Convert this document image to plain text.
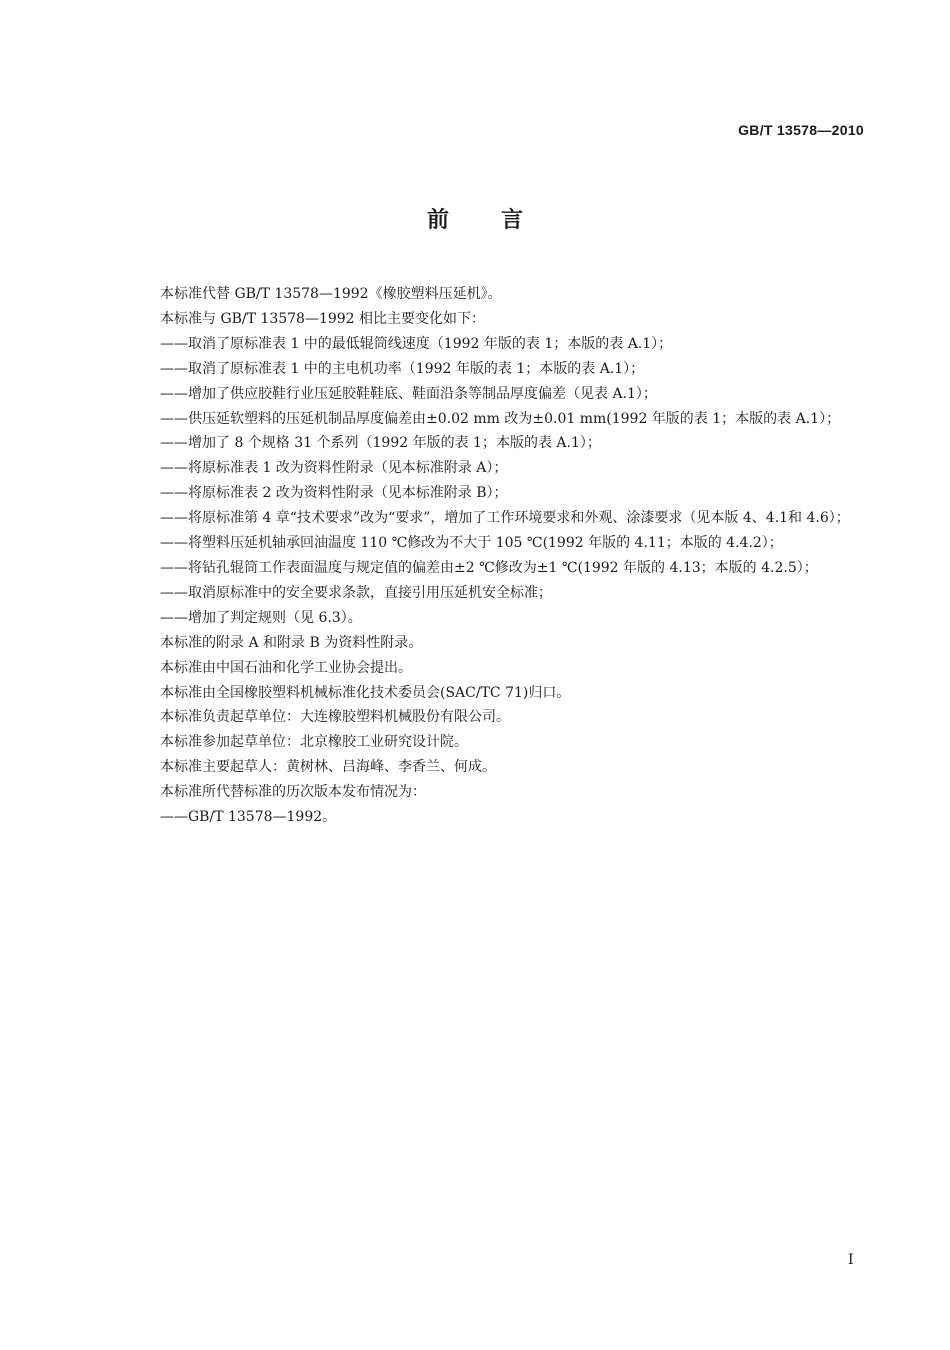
GB/T 13578—2010
前言
本标准代替 GB/T 13578—1992《橡胶塑料压延机》。
本标准与 GB/T 13578—1992 相比主要变化如下：
——取消了原标准表 1 中的最低辊筒线速度（1992 年版的表 1；本版的表 A.1）；
——取消了原标准表 1 中的主电机功率（1992 年版的表 1；本版的表 A.1）；
——增加了供应胶鞋行业压延胶鞋鞋底、鞋面沿条等制品厚度偏差（见表 A.1）；
——供压延软塑料的压延机制品厚度偏差由±0.02 mm 改为±0.01 mm(1992 年版的表 1；本版的表 A.1）；
——增加了 8 个规格 31 个系列（1992 年版的表 1；本版的表 A.1）；
——将原标准表 1 改为资料性附录（见本标准附录 A）；
——将原标准表 2 改为资料性附录（见本标准附录 B）；
——将原标准第 4 章“技术要求”改为“要求”，增加了工作环境要求和外观、涂漆要求（见本版 4、4.1和 4.6）；
——将塑料压延机轴承回油温度 110 ℃修改为不大于 105 ℃(1992 年版的 4.11；本版的 4.4.2）；
——将钻孔辊筒工作表面温度与规定值的偏差由±2 ℃修改为±1 ℃(1992 年版的 4.13；本版的 4.2.5）；
——取消原标准中的安全要求条款，直接引用压延机安全标准；
——增加了判定规则（见 6.3）。
本标准的附录 A 和附录 B 为资料性附录。
本标准由中国石油和化学工业协会提出。
本标准由全国橡胶塑料机械标准化技术委员会(SAC/TC 71)归口。
本标准负责起草单位：大连橡胶塑料机械股份有限公司。
本标准参加起草单位：北京橡胶工业研究设计院。
本标准主要起草人：黄树林、吕海峰、李香兰、何成。
本标准所代替标准的历次版本发布情况为：
——GB/T 13578—1992。
I
